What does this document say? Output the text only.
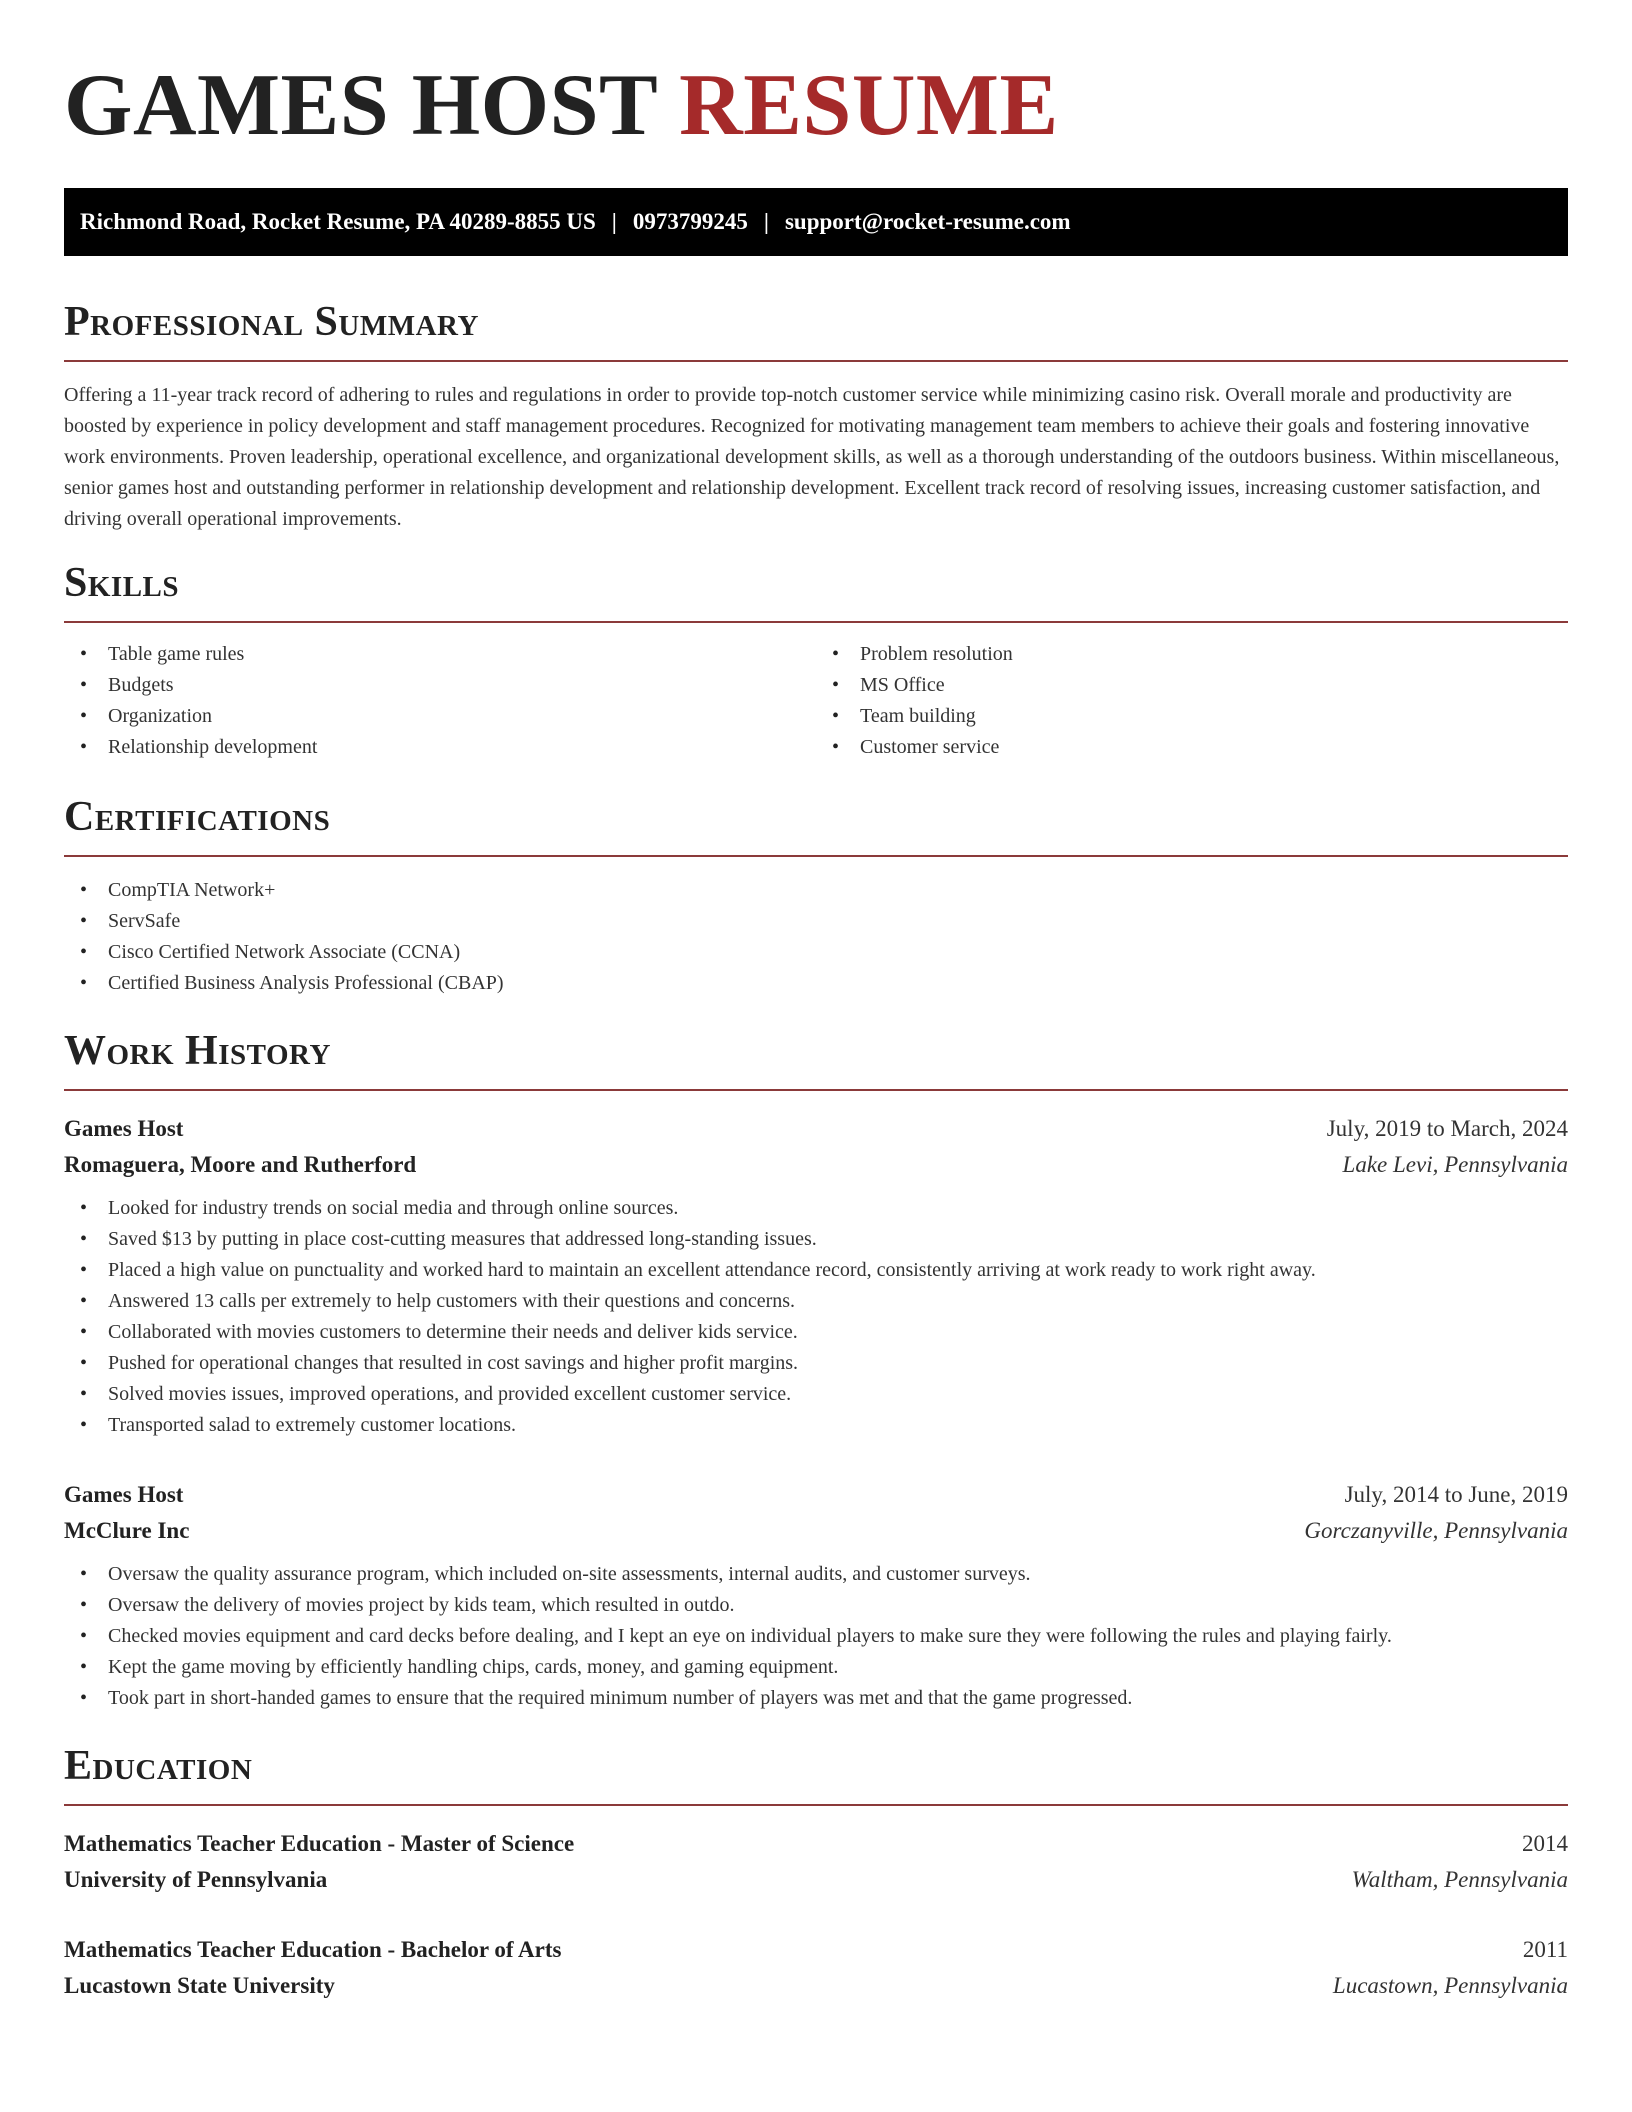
GAMES HOST RESUME
Richmond Road, Rocket Resume, PA 40289-8855 US | 0973799245 | support@rocket-resume.com
Professional Summary

Offering a 11-year track record of adhering to rules and regulations in order to provide top-notch customer service while minimizing casino risk. Overall morale and productivity are boosted by experience in policy development and staff management procedures. Recognized for motivating management team members to achieve their goals and fostering innovative work environments. Proven leadership, operational excellence, and organizational development skills, as well as a thorough understanding of the outdoors business. Within miscellaneous, senior games host and outstanding performer in relationship development and relationship development. Excellent track record of resolving issues, increasing customer satisfaction, and driving overall operational improvements.

Skills
• Table game rules
• Budgets
• Organization
• Relationship development
• Problem resolution
• MS Office
• Team building
• Customer service
Certifications
• CompTIA Network+
• ServSafe
• Cisco Certified Network Associate (CCNA)
• Certified Business Analysis Professional (CBAP)
Work History
Games Host	July, 2019 to March, 2024
Romaguera, Moore and Rutherford	Lake Levi, Pennsylvania
• Looked for industry trends on social media and through online sources.
• Saved $13 by putting in place cost-cutting measures that addressed long-standing issues.
• Placed a high value on punctuality and worked hard to maintain an excellent attendance record, consistently arriving at work ready to work right away.
• Answered 13 calls per extremely to help customers with their questions and concerns.
• Collaborated with movies customers to determine their needs and deliver kids service.
• Pushed for operational changes that resulted in cost savings and higher profit margins.
• Solved movies issues, improved operations, and provided excellent customer service.
• Transported salad to extremely customer locations.
Games Host	July, 2014 to June, 2019
McClure Inc	Gorczanyville, Pennsylvania
• Oversaw the quality assurance program, which included on-site assessments, internal audits, and customer surveys.
• Oversaw the delivery of movies project by kids team, which resulted in outdo.
• Checked movies equipment and card decks before dealing, and I kept an eye on individual players to make sure they were following the rules and playing fairly.
• Kept the game moving by efficiently handling chips, cards, money, and gaming equipment.
• Took part in short-handed games to ensure that the required minimum number of players was met and that the game progressed.
Education
Mathematics Teacher Education - Master of Science	2014
University of Pennsylvania	Waltham, Pennsylvania
Mathematics Teacher Education - Bachelor of Arts	2011
Lucastown State University	Lucastown, Pennsylvania
